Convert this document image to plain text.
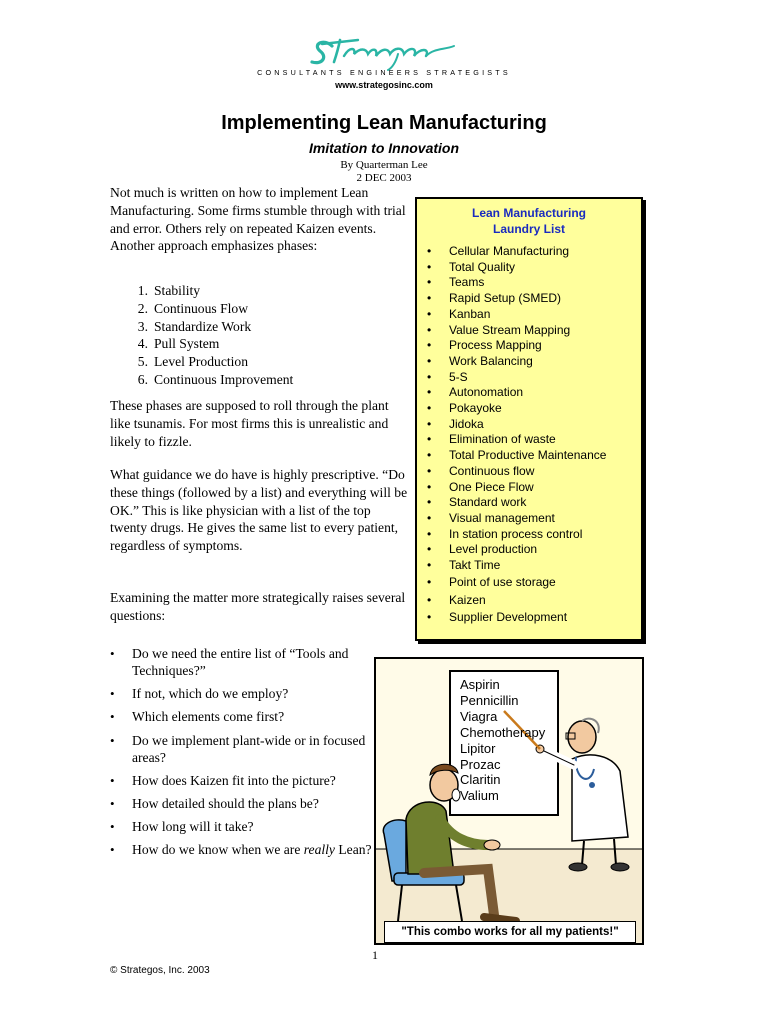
CONSULTANTS ENGINEERS STRATEGISTS
www.strategosinc.com
Implementing Lean Manufacturing
Imitation to Innovation
By Quarterman Lee
2 DEC 2003

Not much is written on how to implement Lean Manufacturing. Some firms stumble through with trial and error. Others rely on repeated Kaizen events. Another approach emphasizes phases:

1. Stability
2. Continuous Flow
3. Standardize Work
4. Pull System
5. Level Production
6. Continuous Improvement

These phases are supposed to roll through the plant like tsunamis. For most firms this is unrealistic and likely to fizzle.

What guidance we do have is highly prescriptive. “Do these things (followed by a list) and everything will be OK.” This is like physician with a list of the top twenty drugs. He gives the same list to every patient, regardless of symptoms.

Examining the matter more strategically raises several questions:

• Do we need the entire list of “Tools and Techniques?”
• If not, which do we employ?
• Which elements come first?
• Do we implement plant-wide or in focused areas?
• How does Kaizen fit into the picture?
• How detailed should the plans be?
• How long will it take?
• How do we know when we are really Lean?
Lean Manufacturing
Laundry List
• Cellular Manufacturing
• Total Quality
• Teams
• Rapid Setup (SMED)
• Kanban
• Value Stream Mapping
• Process Mapping
• Work Balancing
• 5-S
• Autonomation
• Pokayoke
• Jidoka
• Elimination of waste
• Total Productive Maintenance
• Continuous flow
• One Piece Flow
• Standard work
• Visual management
• In station process control
• Level production
• Takt Time
• Point of use storage
• Kaizen
• Supplier Development
Aspirin
Pennicillin
Viagra
Chemotherapy
Lipitor
Prozac
Claritin
Valium
"This combo works for all my patients!"
1
© Strategos, Inc. 2003
